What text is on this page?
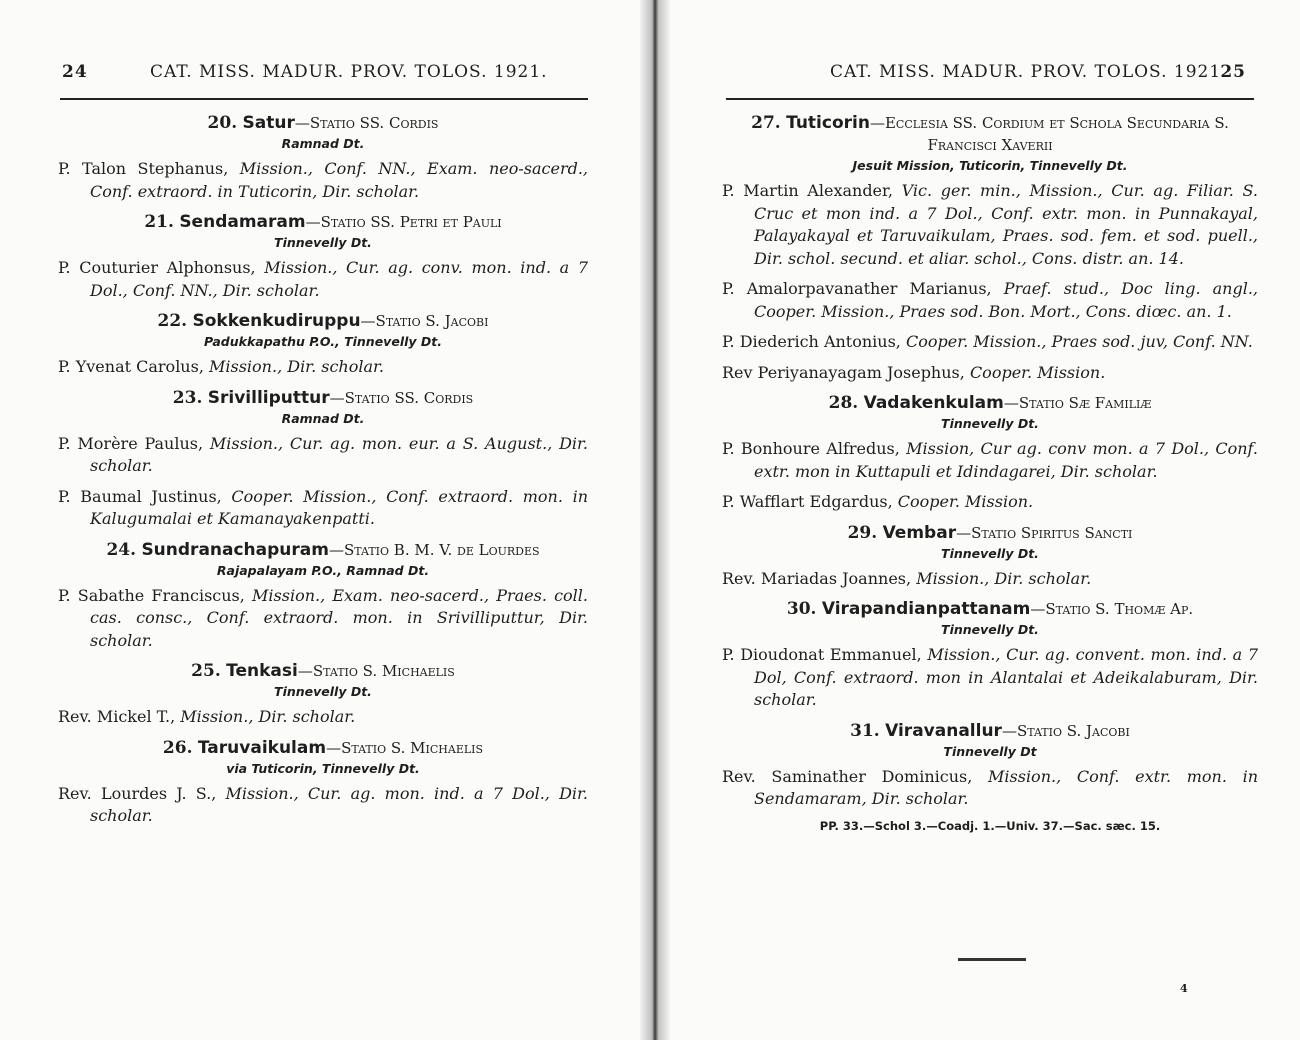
24	CAT. MISS. MADUR. PROV. TOLOS. 1921.
20. Satur—Statio SS. Cordis
Ramnad Dt.
P. Talon Stephanus, Mission., Conf. NN., Exam. neo-sacerd., Conf. extraord. in Tuticorin, Dir. scholar.
21. Sendamaram—Statio SS. Petri et Pauli
Tinnevelly Dt.
P. Couturier Alphonsus, Mission., Cur. ag. conv. mon. ind. a 7 Dol., Conf. NN., Dir. scholar.
22. Sokkenkudiruppu—Statio S. Jacobi
Padukkapathu P.O., Tinnevelly Dt.
P. Yvenat Carolus, Mission., Dir. scholar.
23. Srivilliputtur—Statio SS. Cordis
Ramnad Dt.
P. Morère Paulus, Mission., Cur. ag. mon. eur. a S. August., Dir. scholar.
P. Baumal Justinus, Cooper. Mission., Conf. extraord. mon. in Kalugumalai et Kamanayakenpatti.
24. Sundranachapuram—Statio B. M. V. de Lourdes
Rajapalayam P.O., Ramnad Dt.
P. Sabathe Franciscus, Mission., Exam. neo-sacerd., Praes. coll. cas. consc., Conf. extraord. mon. in Srivilliputtur, Dir. scholar.
25. Tenkasi—Statio S. Michaelis
Tinnevelly Dt.
Rev. Mickel T., Mission., Dir. scholar.
26. Taruvaikulam—Statio S. Michaelis
via Tuticorin, Tinnevelly Dt.
Rev. Lourdes J. S., Mission., Cur. ag. mon. ind. a 7 Dol., Dir. scholar.
CAT. MISS. MADUR. PROV. TOLOS. 1921.
25
27. Tuticorin—Ecclesia SS. Cordium et Schola Secundaria S. Francisci Xaverii
Jesuit Mission, Tuticorin, Tinnevelly Dt.
P. Martin Alexander, Vic. ger. min., Mission., Cur. ag. Filiar. S. Cruc et mon ind. a 7 Dol., Conf. extr. mon. in Punnakayal, Palayakayal et Taruvaikulam, Praes. sod. fem. et sod. puell., Dir. schol. secund. et aliar. schol., Cons. distr. an. 14.
P. Amalorpavanather Marianus, Praef. stud., Doc ling. angl., Cooper. Mission., Praes sod. Bon. Mort., Cons. diœc. an. 1.
P. Diederich Antonius, Cooper. Mission., Praes sod. juv, Conf. NN.
Rev Periyanayagam Josephus, Cooper. Mission.
28. Vadakenkulam—Statio Sæ Familiæ
Tinnevelly Dt.
P. Bonhoure Alfredus, Mission, Cur ag. conv mon. a 7 Dol., Conf. extr. mon in Kuttapuli et Idindagarei, Dir. scholar.
P. Wafflart Edgardus, Cooper. Mission.
29. Vembar—Statio Spiritus Sancti
Tinnevelly Dt.
Rev. Mariadas Joannes, Mission., Dir. scholar.
30. Virapandianpattanam—Statio S. Thomæ Ap.
Tinnevelly Dt.
P. Dioudonat Emmanuel, Mission., Cur. ag. convent. mon. ind. a 7 Dol, Conf. extraord. mon in Alantalai et Adeikalaburam, Dir. scholar.
31. Viravanallur—Statio S. Jacobi
Tinnevelly Dt
Rev. Saminather Dominicus, Mission., Conf. extr. mon. in Sendamaram, Dir. scholar.
PP. 33.—Schol 3.—Coadj. 1.—Univ. 37.—Sac. sæc. 15.
4
